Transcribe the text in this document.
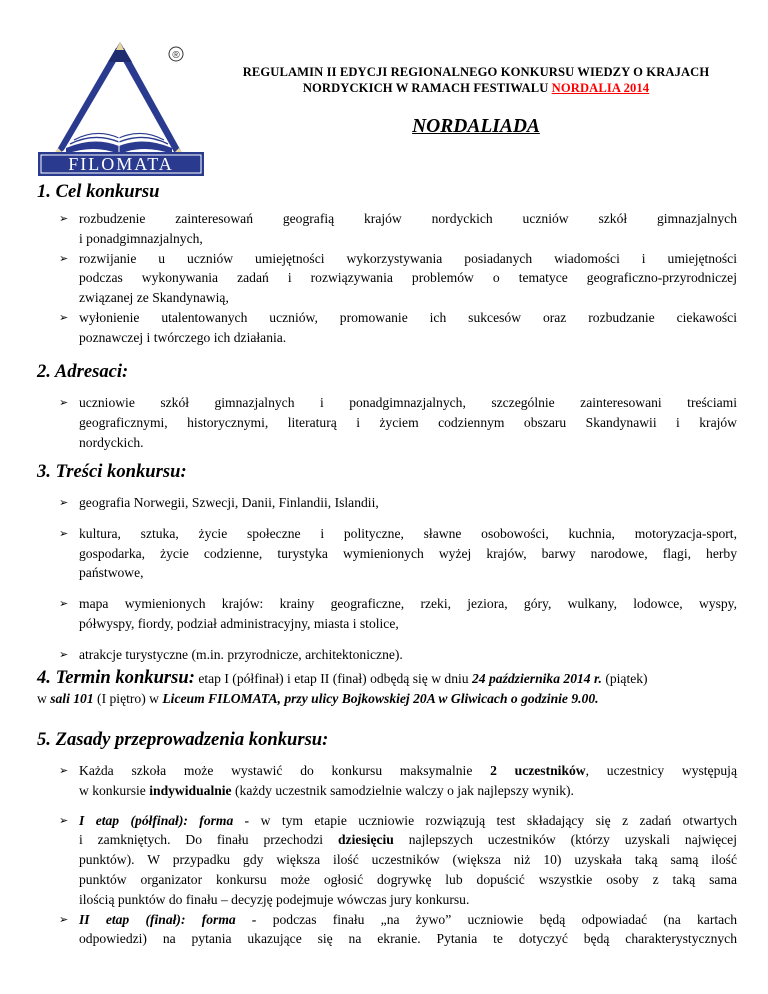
®
FILOMATA
REGULAMIN II EDYCJI REGIONALNEGO KONKURSU WIEDZY O KRAJACH
NORDYCKICH W RAMACH FESTIWALU NORDALIA 2014
NORDALIADA
1. Cel konkursu
➢ rozbudzenie zainteresowań geografią krajów nordyckich uczniów szkół gimnazjalnych
i ponadgimnazjalnych,
➢ rozwijanie u uczniów umiejętności wykorzystywania posiadanych wiadomości i umiejętności
podczas wykonywania zadań i rozwiązywania problemów o tematyce geograficzno-przyrodniczej
związanej ze Skandynawią,
➢ wyłonienie utalentowanych uczniów, promowanie ich sukcesów oraz rozbudzanie ciekawości
poznawczej i twórczego ich działania.
2. Adresaci:
➢ uczniowie szkół gimnazjalnych i ponadgimnazjalnych, szczególnie zainteresowani treściami
geograficznymi, historycznymi, literaturą i życiem codziennym obszaru Skandynawii i krajów
nordyckich.
3. Treści konkursu:
➢ geografia Norwegii, Szwecji, Danii, Finlandii, Islandii,
➢ kultura, sztuka, życie społeczne i polityczne, sławne osobowości, kuchnia, motoryzacja-sport,
gospodarka, życie codzienne, turystyka wymienionych wyżej krajów, barwy narodowe, flagi, herby
państwowe,
➢ mapa wymienionych krajów: krainy geograficzne, rzeki, jeziora, góry, wulkany, lodowce, wyspy,
półwyspy, fiordy, podział administracyjny, miasta i stolice,
➢ atrakcje turystyczne (m.in. przyrodnicze, architektoniczne).
4. Termin konkursu: etap I (półfinał) i etap II (finał) odbędą się w dniu 24 października 2014 r. (piątek)
w sali 101 (I piętro) w Liceum FILOMATA, przy ulicy Bojkowskiej 20A w Gliwicach o godzinie 9.00.
5. Zasady przeprowadzenia konkursu:
➢ Każda szkoła może wystawić do konkursu maksymalnie 2 uczestników, uczestnicy występują
w konkursie indywidualnie (każdy uczestnik samodzielnie walczy o jak najlepszy wynik).
➢ I etap (półfinał): forma - w tym etapie uczniowie rozwiązują test składający się z zadań otwartych
i zamkniętych. Do finału przechodzi dziesięciu najlepszych uczestników (którzy uzyskali najwięcej
punktów). W przypadku gdy większa ilość uczestników (większa niż 10) uzyskała taką samą ilość
punktów organizator konkursu może ogłosić dogrywkę lub dopuścić wszystkie osoby z taką sama
ilością punktów do finału – decyzję podejmuje wówczas jury konkursu.
➢ II etap (finał): forma - podczas finału „na żywo” uczniowie będą odpowiadać (na kartach
odpowiedzi) na pytania ukazujące się na ekranie. Pytania te dotyczyć będą charakterystycznych
